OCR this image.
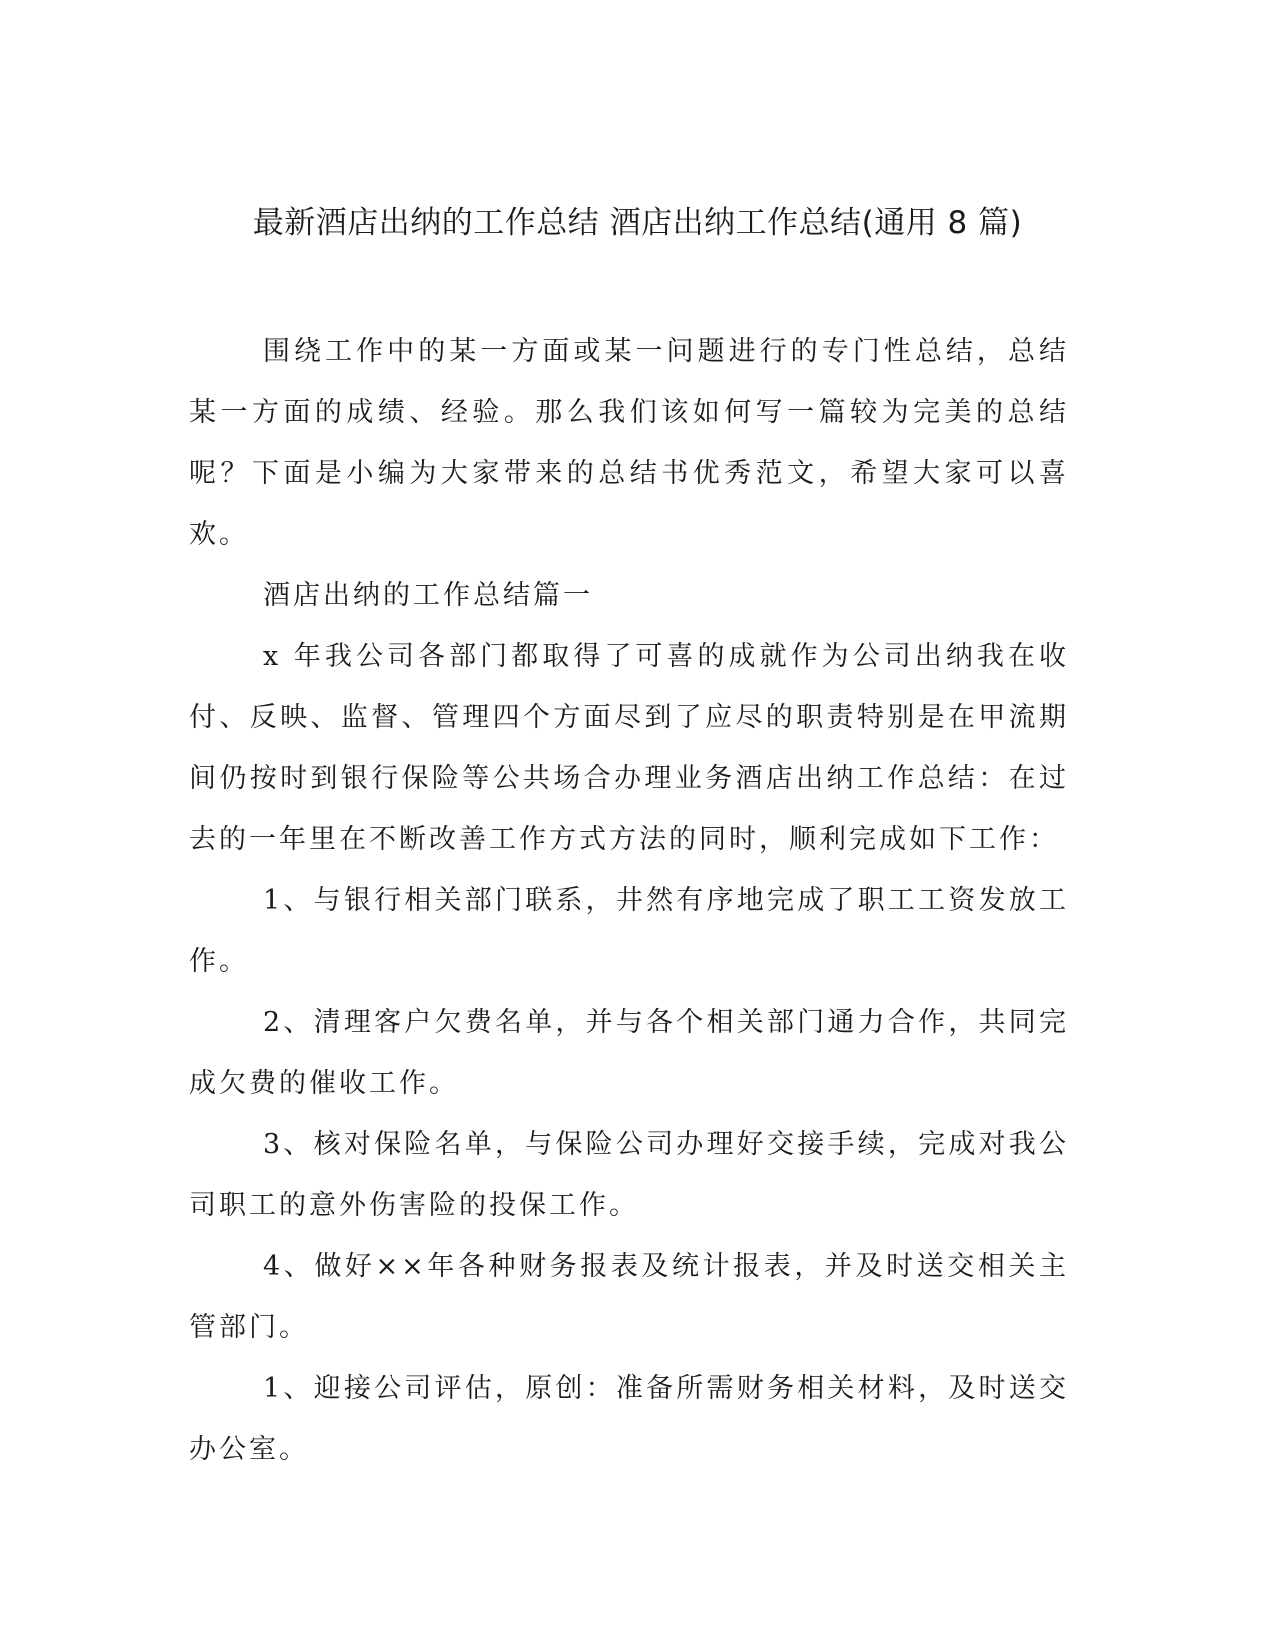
最新酒店出纳的工作总结 酒店出纳工作总结(通用 8 篇)

围绕工作中的某一方面或某一问题进行的专门性总结，总结某一方面的成绩、经验。那么我们该如何写一篇较为完美的总结呢？下面是小编为大家带来的总结书优秀范文，希望大家可以喜欢。

酒店出纳的工作总结篇一

x 年我公司各部门都取得了可喜的成就作为公司出纳我在收付、反映、监督、管理四个方面尽到了应尽的职责特别是在甲流期间仍按时到银行保险等公共场合办理业务酒店出纳工作总结：在过去的一年里在不断改善工作方式方法的同时，顺利完成如下工作：

1、与银行相关部门联系，井然有序地完成了职工工资发放工作。

2、清理客户欠费名单，并与各个相关部门通力合作，共同完成欠费的催收工作。

3、核对保险名单，与保险公司办理好交接手续，完成对我公司职工的意外伤害险的投保工作。

4、做好××年各种财务报表及统计报表，并及时送交相关主管部门。

1、迎接公司评估，原创：准备所需财务相关材料，及时送交办公室。
